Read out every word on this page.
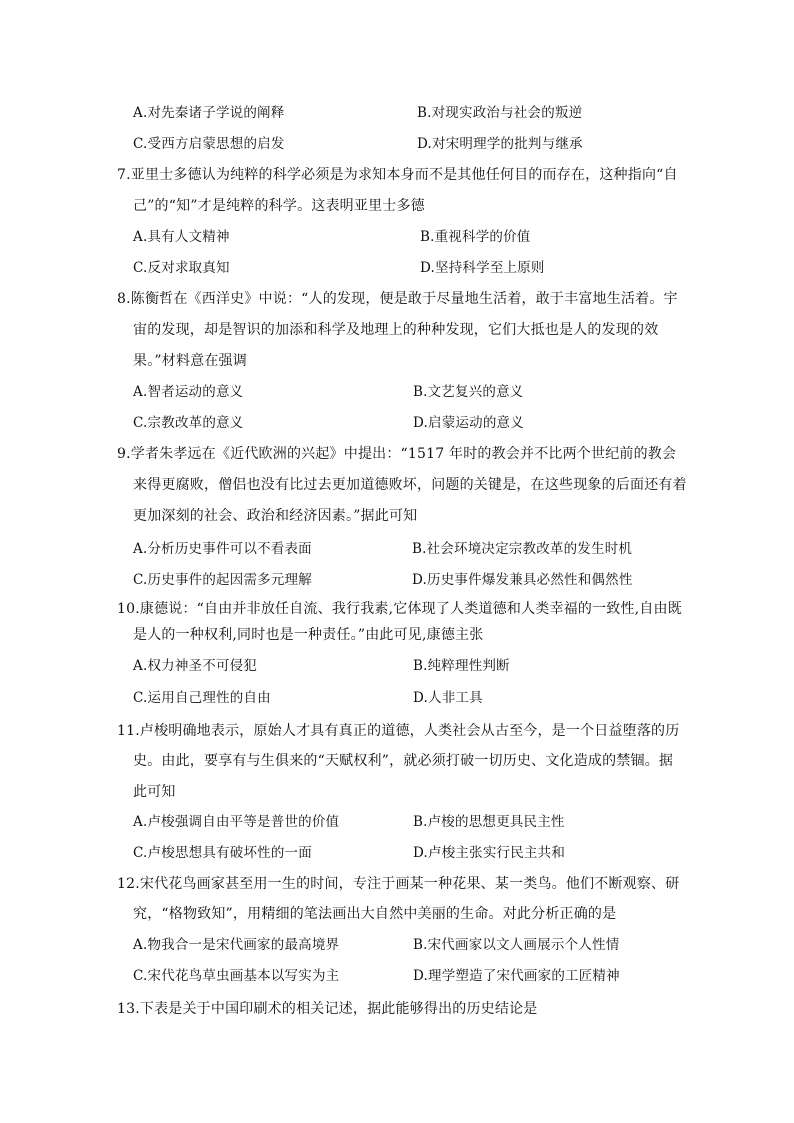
A.对先秦诸子学说的阐释	B.对现实政治与社会的叛逆
C.受西方启蒙思想的启发	D.对宋明理学的批判与继承
7.亚里士多德认为纯粹的科学必须是为求知本身而不是其他任何目的而存在，这种指向“自
己”的“知”才是纯粹的科学。这表明亚里士多德
A.具有人文精神	B.重视科学的价值
C.反对求取真知	D.坚持科学至上原则
8.陈衡哲在《西洋史》中说：“人的发现，便是敢于尽量地生活着，敢于丰富地生活着。宇
宙的发现，却是智识的加添和科学及地理上的种种发现，它们大抵也是人的发现的效
果。”材料意在强调
A.智者运动的意义	B.文艺复兴的意义
C.宗教改革的意义	D.启蒙运动的意义
9.学者朱孝远在《近代欧洲的兴起》中提出：“1517 年时的教会并不比两个世纪前的教会
来得更腐败，僧侣也没有比过去更加道德败坏，问题的关键是，在这些现象的后面还有着
更加深刻的社会、政治和经济因素。”据此可知
A.分析历史事件可以不看表面	B.社会环境决定宗教改革的发生时机
C.历史事件的起因需多元理解	D.历史事件爆发兼具必然性和偶然性
10.康德说：“自由并非放任自流、我行我素,它体现了人类道德和人类幸福的一致性,自由既
是人的一种权利,同时也是一种责任。”由此可见,康德主张
A.权力神圣不可侵犯	B.纯粹理性判断
C.运用自己理性的自由	D.人非工具
11.卢梭明确地表示，原始人才具有真正的道德，人类社会从古至今，是一个日益堕落的历
史。由此，要享有与生俱来的“天赋权利”，就必须打破一切历史、文化造成的禁锢。据
此可知
A.卢梭强调自由平等是普世的价值	B.卢梭的思想更具民主性
C.卢梭思想具有破坏性的一面	D.卢梭主张实行民主共和
12.宋代花鸟画家甚至用一生的时间，专注于画某一种花果、某一类鸟。他们不断观察、研
究，“格物致知”，用精细的笔法画出大自然中美丽的生命。对此分析正确的是
A.物我合一是宋代画家的最高境界	B.宋代画家以文人画展示个人性情
C.宋代花鸟草虫画基本以写实为主	D.理学塑造了宋代画家的工匠精神
13.下表是关于中国印刷术的相关记述，据此能够得出的历史结论是
